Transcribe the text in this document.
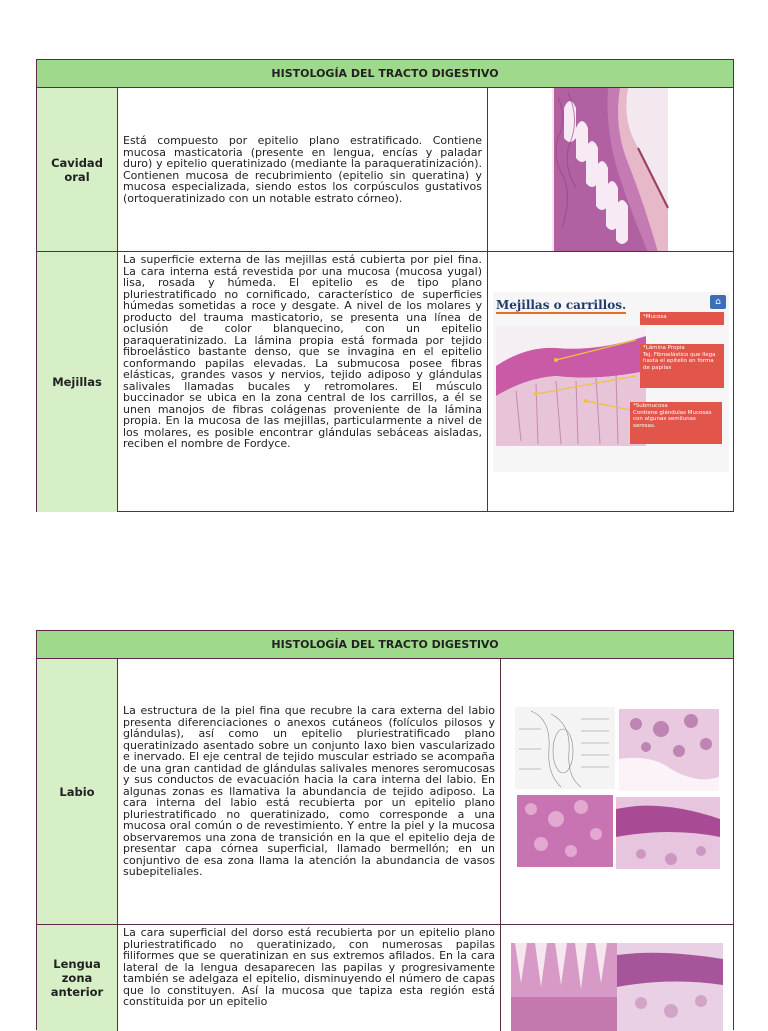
HISTOLOGÍA DEL TRACTO DIGESTIVO
Cavidad oral
Está compuesto por epitelio plano estratificado. Contiene mucosa masticatoria (presente en lengua, encías y paladar duro) y epitelio queratinizado (mediante la paraqueratinización). Contienen mucosa de recubrimiento (epitelio sin queratina) y mucosa especializada, siendo estos los corpúsculos gustativos (ortoqueratinizado con un notable estrato córneo).
Mejillas
La superficie externa de las mejillas está cubierta por piel fina. La cara interna está revestida por una mucosa (mucosa yugal) lisa, rosada y húmeda. El epitelio es de tipo plano pluriestratificado no cornificado, característico de superficies húmedas sometidas a roce y desgate. A nivel de los molares y producto del trauma masticatorio, se presenta una línea de oclusión de color blanquecino, con un epitelio paraqueratinizado. La lámina propia está formada por tejido fibroelástico bastante denso, que se invagina en el epitelio conformando papilas elevadas. La submucosa posee fibras elásticas, grandes vasos y nervios, tejido adiposo y glándulas salivales llamadas bucales y retromolares. El músculo buccinador se ubica en la zona central de los carrillos, a él se unen manojos de fibras colágenas proveniente de la lámina propia. En la mucosa de las mejillas, particularmente a nivel de los molares, es posible encontrar glándulas sebáceas aisladas, reciben el nombre de Fordyce.
Mejillas o carrillos.	⌂
*Mucosa
*Lámina Propia
Tej. Fibroelástico que llega hasta el epitelio en forma de papilas
*Submucosa
Contiene glándulas Mucosas con algunas semilunas serosas.
HISTOLOGÍA DEL TRACTO DIGESTIVO
Labio
La estructura de la piel fina que recubre la cara externa del labio presenta diferenciaciones o anexos cutáneos (folículos pilosos y glándulas), así como un epitelio pluriestratificado plano queratinizado asentado sobre un conjunto laxo bien vascularizado e inervado. El eje central de tejido muscular estriado se acompaña de una gran cantidad de glándulas salivales menores seromucosas y sus conductos de evacuación hacia la cara interna del labio. En algunas zonas es llamativa la abundancia de tejido adiposo. La cara interna del labio está recubierta por un epitelio plano pluriestratificado no queratinizado, como corresponde a una mucosa oral común o de revestimiento. Y entre la piel y la mucosa observaremos una zona de transición en la que el epitelio deja de presentar capa córnea superficial, llamado bermellón; en un conjuntivo de esa zona llama la atención la abundancia de vasos subepiteliales.
Lengua zona anterior
La cara superficial del dorso está recubierta por un epitelio plano pluriestratificado no queratinizado, con numerosas papilas filiformes que se queratinizan en sus extremos afilados. En la cara lateral de la lengua desaparecen las papilas y progresivamente también se adelgaza el epitelio, disminuyendo el número de capas que lo constituyen. Así la mucosa que tapiza esta región está constituida por un epitelio
